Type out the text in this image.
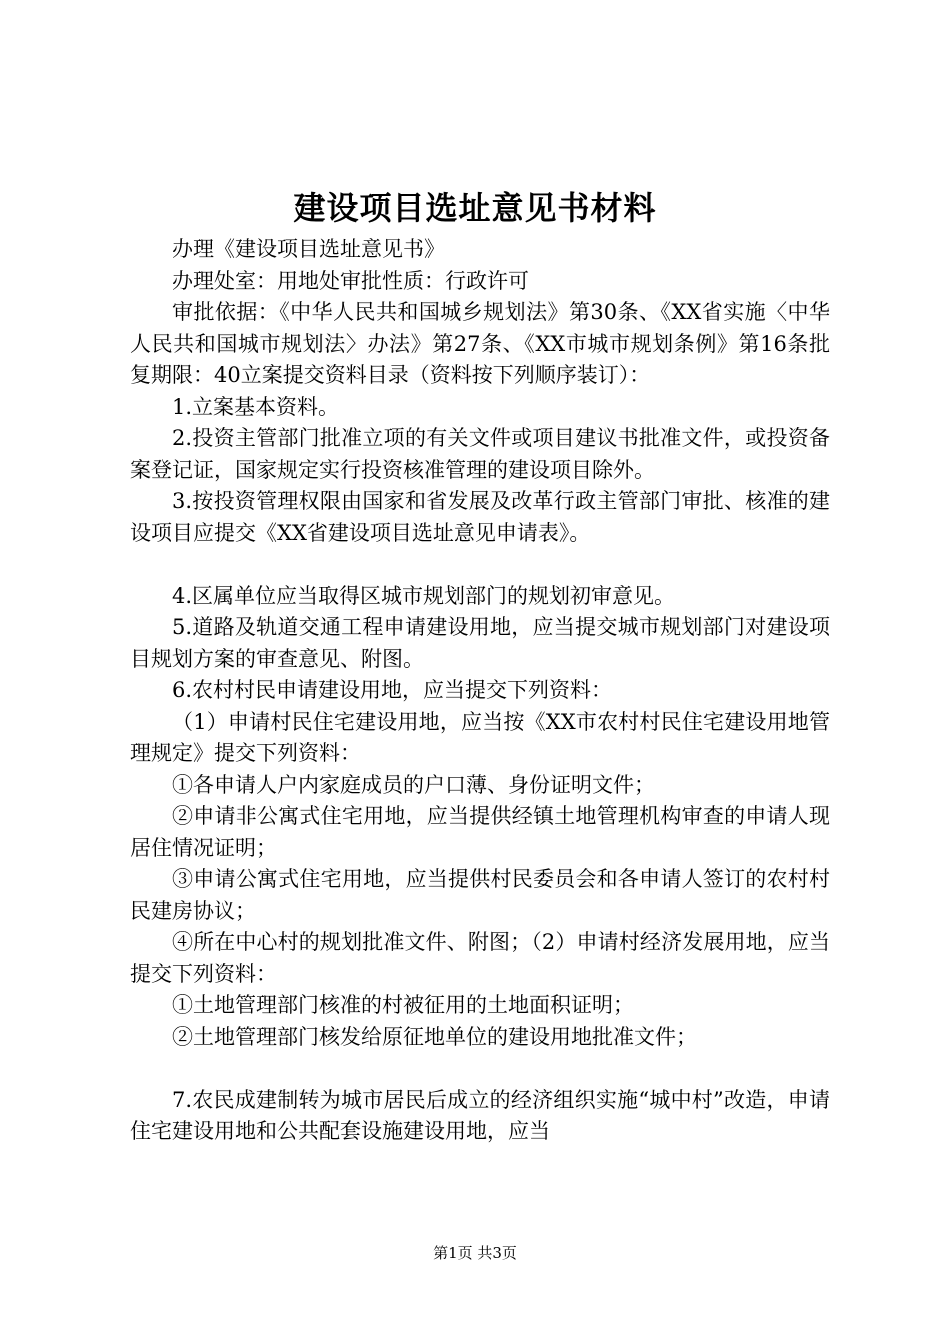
建设项目选址意见书材料

办理《建设项目选址意见书》

办理处室：用地处审批性质：行政许可

审批依据：《中华人民共和国城乡规划法》第30条、《XX省实施〈中华人民共和国城市规划法〉办法》第27条、《XX市城市规划条例》第16条批复期限：40立案提交资料目录（资料按下列顺序装订）：

1.立案基本资料。

2.投资主管部门批准立项的有关文件或项目建议书批准文件，或投资备案登记证，国家规定实行投资核准管理的建设项目除外。

3.按投资管理权限由国家和省发展及改革行政主管部门审批、核准的建设项目应提交《XX省建设项目选址意见申请表》。

4.区属单位应当取得区城市规划部门的规划初审意见。

5.道路及轨道交通工程申请建设用地，应当提交城市规划部门对建设项目规划方案的审查意见、附图。

6.农村村民申请建设用地，应当提交下列资料：

（1）申请村民住宅建设用地，应当按《XX市农村村民住宅建设用地管理规定》提交下列资料：

①各申请人户内家庭成员的户口薄、身份证明文件；

②申请非公寓式住宅用地，应当提供经镇土地管理机构审查的申请人现居住情况证明；

③申请公寓式住宅用地，应当提供村民委员会和各申请人签订的农村村民建房协议；

④所在中心村的规划批准文件、附图；（2）申请村经济发展用地，应当提交下列资料：

①土地管理部门核准的村被征用的土地面积证明；

②土地管理部门核发给原征地单位的建设用地批准文件；

7.农民成建制转为城市居民后成立的经济组织实施“城中村”改造，申请住宅建设用地和公共配套设施建设用地，应当

第1页 共3页
